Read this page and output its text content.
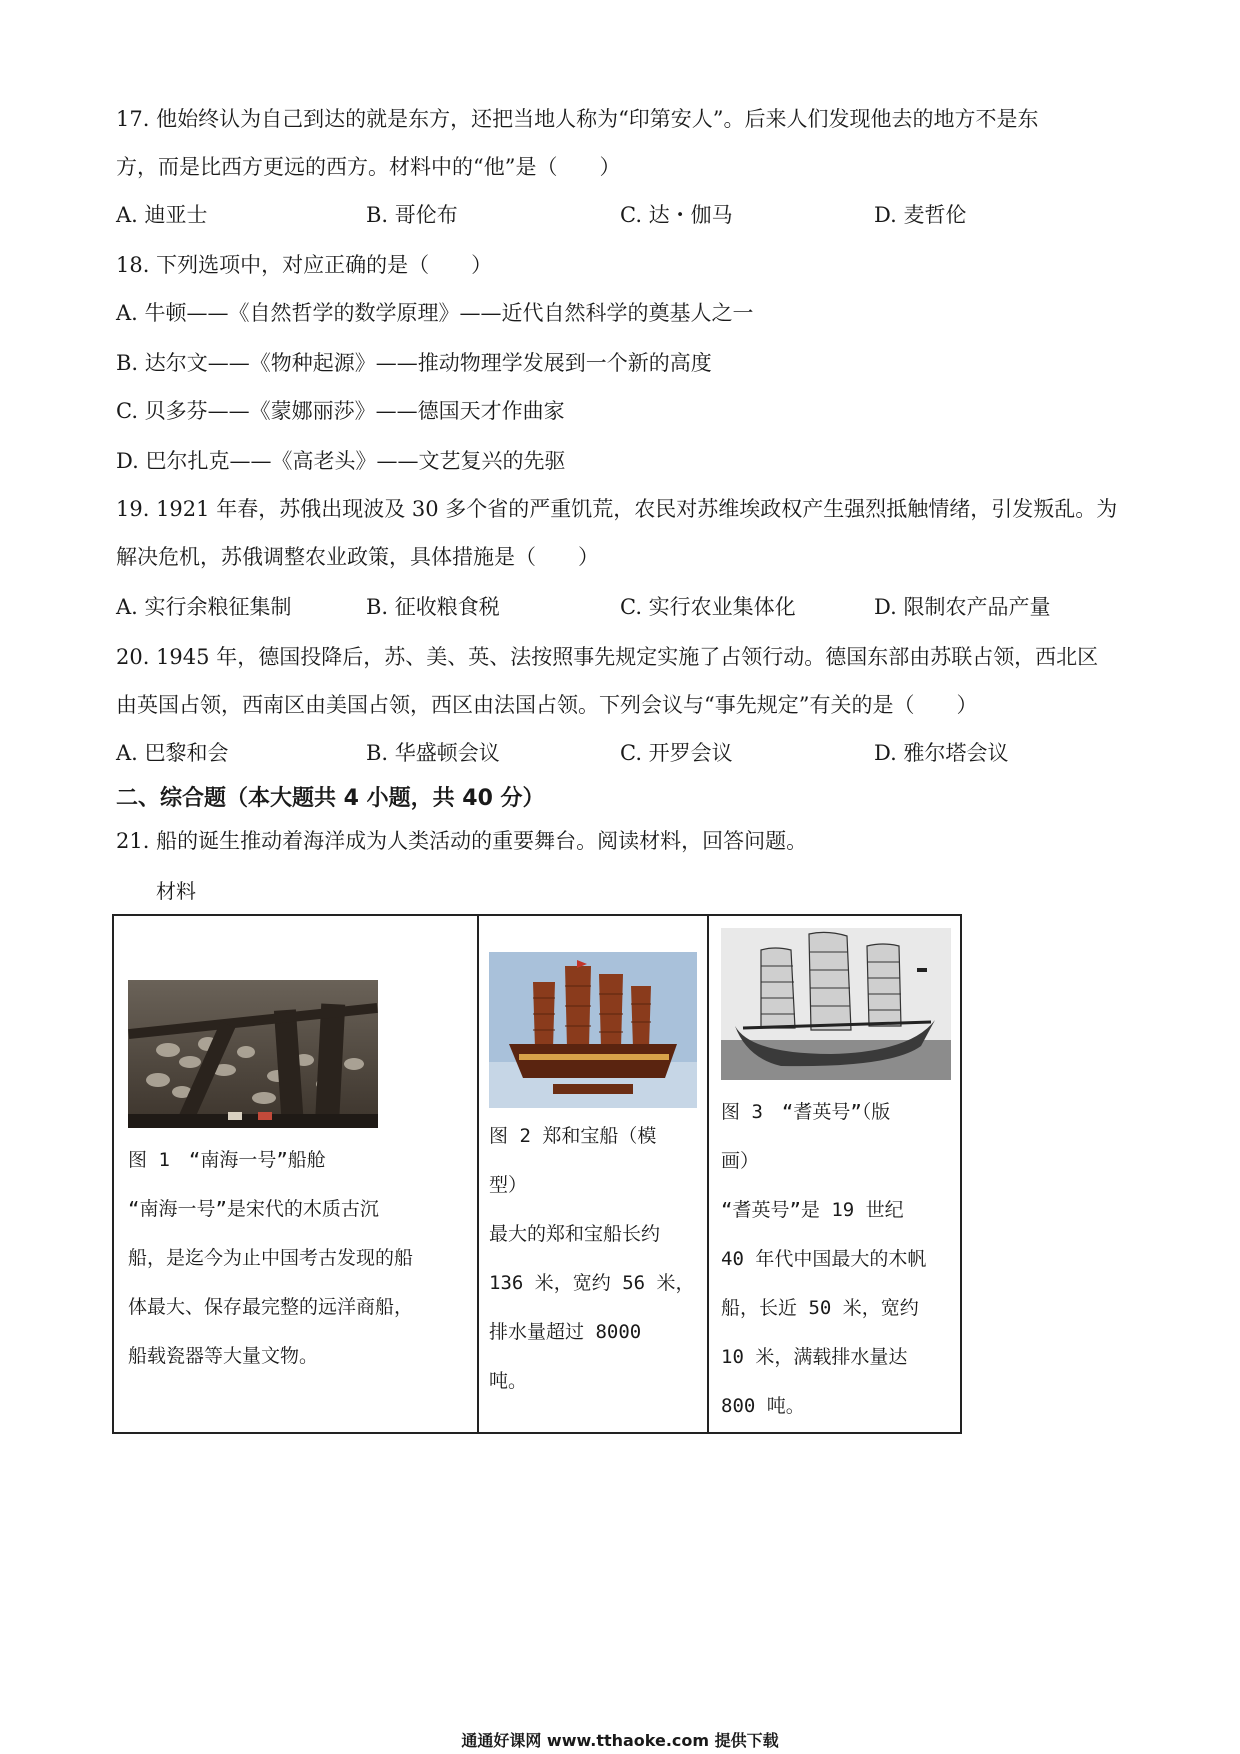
17. 他始终认为自己到达的就是东方，还把当地人称为“印第安人”。后来人们发现他去的地方不是东
方，而是比西方更远的西方。材料中的“他”是（　　）
A. 迪亚士	B. 哥伦布	C. 达・伽马	D. 麦哲伦
18. 下列选项中，对应正确的是（　　）
A. 牛顿——《自然哲学的数学原理》——近代自然科学的奠基人之一
B. 达尔文——《物种起源》——推动物理学发展到一个新的高度
C. 贝多芬——《蒙娜丽莎》——德国天才作曲家
D. 巴尔扎克——《高老头》——文艺复兴的先驱
19. 1921 年春，苏俄出现波及 30 多个省的严重饥荒，农民对苏维埃政权产生强烈抵触情绪，引发叛乱。为
解决危机，苏俄调整农业政策，具体措施是（　　）
A. 实行余粮征集制	B. 征收粮食税	C. 实行农业集体化	D. 限制农产品产量
20. 1945 年，德国投降后，苏、美、英、法按照事先规定实施了占领行动。德国东部由苏联占领，西北区
由英国占领，西南区由美国占领，西区由法国占领。下列会议与“事先规定”有关的是（　　）
A. 巴黎和会	B. 华盛顿会议	C. 开罗会议	D. 雅尔塔会议
二、综合题（本大题共 4 小题，共 40 分）
21. 船的诞生推动着海洋成为人类活动的重要舞台。阅读材料，回答问题。
材料

图 1　“南海一号”船舱

“南海一号”是宋代的木质古沉

船，是迄今为止中国考古发现的船

体最大、保存最完整的远洋商船，

船载瓷器等大量文物。

图 2 郑和宝船（模

型）

最大的郑和宝船长约

136 米，宽约 56 米，

排水量超过 8000

吨。

图 3　“耆英号”（版

画）

“耆英号”是 19 世纪

40 年代中国最大的木帆

船，长近 50 米，宽约

10 米，满载排水量达

800 吨。

通通好课网 www.tthaoke.com 提供下载
